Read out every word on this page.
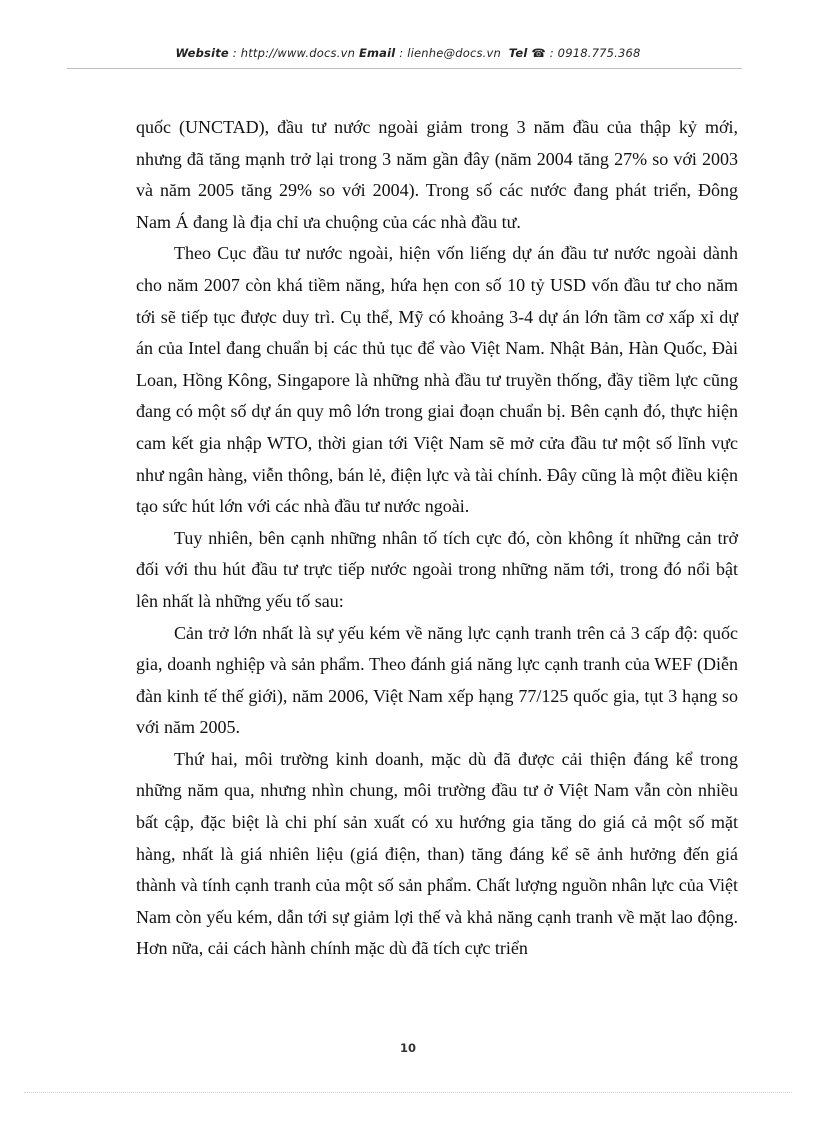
Website : http://www.docs.vn Email : lienhe@docs.vn Tel ☎ : 0918.775.368

quốc (UNCTAD), đầu tư nước ngoài giảm trong 3 năm đầu của thập kỷ mới, nhưng đã tăng mạnh trở lại trong 3 năm gần đây (năm 2004 tăng 27% so với 2003 và năm 2005 tăng 29% so với 2004). Trong số các nước đang phát triển, Đông Nam Á đang là địa chỉ ưa chuộng của các nhà đầu tư.

Theo Cục đầu tư nước ngoài, hiện vốn liếng dự án đầu tư nước ngoài dành cho năm 2007 còn khá tiềm năng, hứa hẹn con số 10 tỷ USD vốn đầu tư cho năm tới sẽ tiếp tục được duy trì. Cụ thể, Mỹ có khoảng 3-4 dự án lớn tầm cơ xấp xỉ dự án của Intel đang chuẩn bị các thủ tục để vào Việt Nam. Nhật Bản, Hàn Quốc, Đài Loan, Hồng Kông, Singapore là những nhà đầu tư truyền thống, đầy tiềm lực cũng đang có một số dự án quy mô lớn trong giai đoạn chuẩn bị. Bên cạnh đó, thực hiện cam kết gia nhập WTO, thời gian tới Việt Nam sẽ mở cửa đầu tư một số lĩnh vực như ngân hàng, viễn thông, bán lẻ, điện lực và tài chính. Đây cũng là một điều kiện tạo sức hút lớn với các nhà đầu tư nước ngoài.

Tuy nhiên, bên cạnh những nhân tố tích cực đó, còn không ít những cản trở đối với thu hút đầu tư trực tiếp nước ngoài trong những năm tới, trong đó nổi bật lên nhất là những yếu tố sau:

Cản trở lớn nhất là sự yếu kém về năng lực cạnh tranh trên cả 3 cấp độ: quốc gia, doanh nghiệp và sản phẩm. Theo đánh giá năng lực cạnh tranh của WEF (Diễn đàn kinh tế thế giới), năm 2006, Việt Nam xếp hạng 77/125 quốc gia, tụt 3 hạng so với năm 2005.

Thứ hai, môi trường kinh doanh, mặc dù đã được cải thiện đáng kể trong những năm qua, nhưng nhìn chung, môi trường đầu tư ở Việt Nam vẫn còn nhiều bất cập, đặc biệt là chi phí sản xuất có xu hướng gia tăng do giá cả một số mặt hàng, nhất là giá nhiên liệu (giá điện, than) tăng đáng kể sẽ ảnh hưởng đến giá thành và tính cạnh tranh của một số sản phẩm. Chất lượng nguồn nhân lực của Việt Nam còn yếu kém, dẫn tới sự giảm lợi thế và khả năng cạnh tranh về mặt lao động. Hơn nữa, cải cách hành chính mặc dù đã tích cực triển

10
